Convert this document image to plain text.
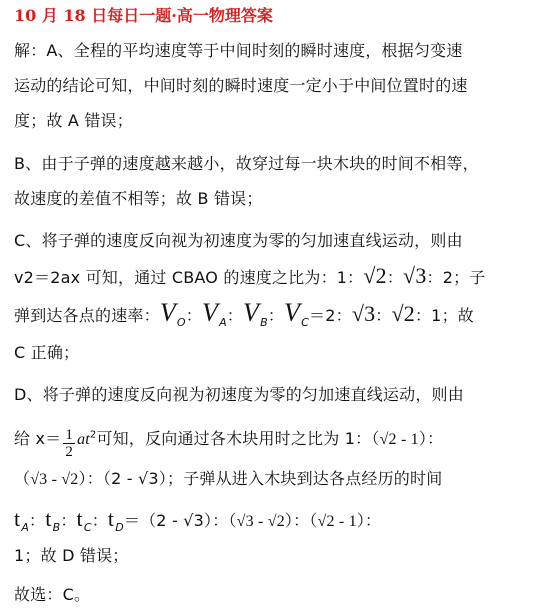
10 月 18 日每日一题·高一物理答案
解：A、全程的平均速度等于中间时刻的瞬时速度，根据匀变速
运动的结论可知，中间时刻的瞬时速度一定小于中间位置时的速
度；故 A 错误；
B、由于子弹的速度越来越小，故穿过每一块木块的时间不相等，
故速度的差值不相等；故 B 错误；
C、将子弹的速度反向视为初速度为零的匀加速直线运动，则由
v2＝2ax 可知，通过 CBAO 的速度之比为：1：√2：√3：2；子
弹到达各点的速率：$V_O$：$V_A$：$V_B$：$V_C=2$：√3：√2：1；故
C 正确；
D、将子弹的速度反向视为初速度为零的匀加速直线运动，则由
给 $x= \frac{1}{2} at^2$可知，反向通过各木块用时之比为 1：（√2 - 1）：
（√3 - √2）：（2 - √3）；子弹从进入木块到达各点经历的时间
$t_A$：$t_B$：$t_C$：$t_D=(2 - √3)$：（√3 - √2）：（√2 - 1）：
1；故 D 错误；
故选：C。
